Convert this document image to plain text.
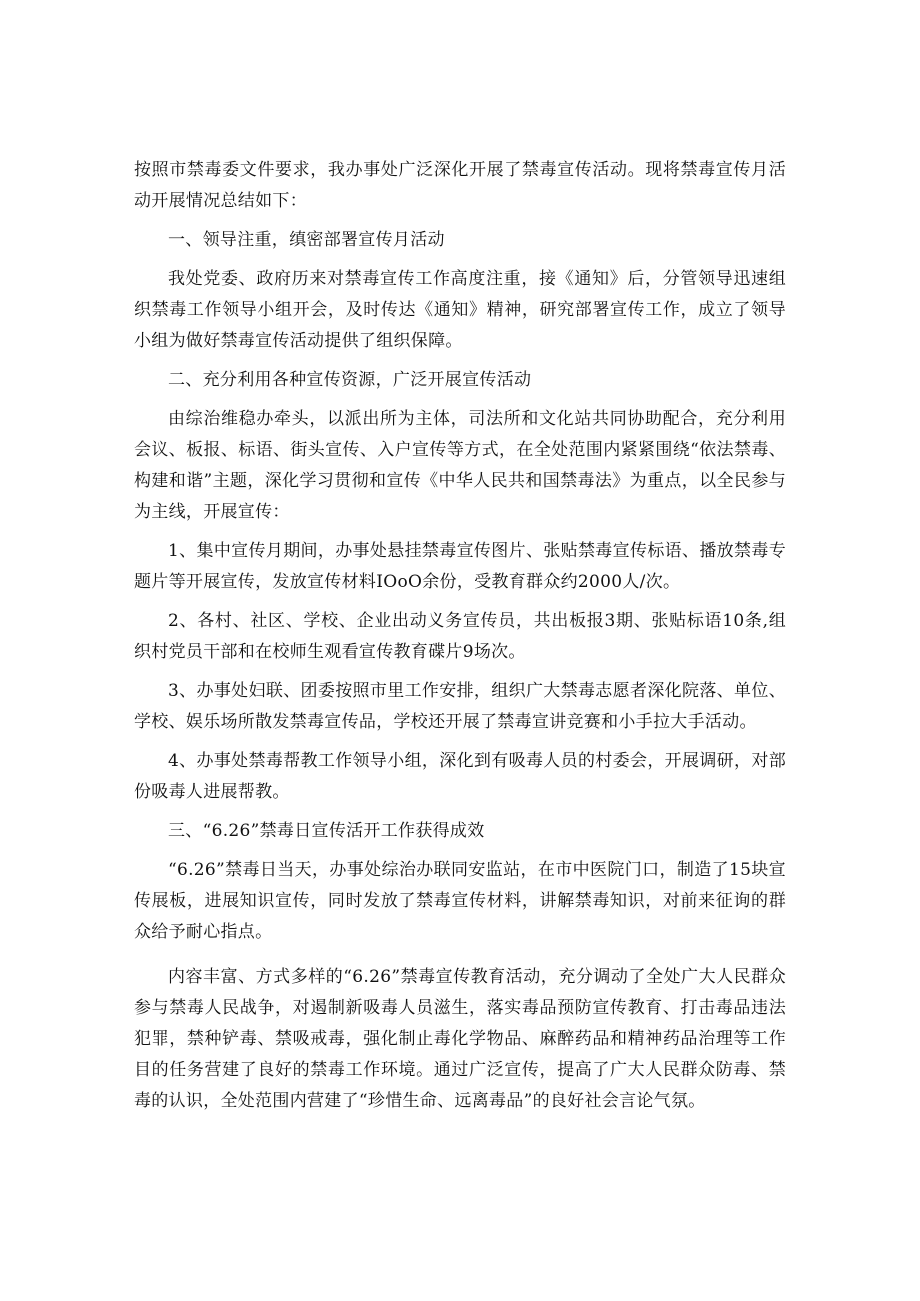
按照市禁毒委文件要求，我办事处广泛深化开展了禁毒宣传活动。现将禁毒宣传月活动开展情况总结如下：

一、领导注重，缜密部署宣传月活动

我处党委、政府历来对禁毒宣传工作高度注重，接《通知》后，分管领导迅速组织禁毒工作领导小组开会，及时传达《通知》精神，研究部署宣传工作，成立了领导小组为做好禁毒宣传活动提供了组织保障。

二、充分利用各种宣传资源，广泛开展宣传活动

由综治维稳办牵头，以派出所为主体，司法所和文化站共同协助配合，充分利用会议、板报、标语、街头宣传、入户宣传等方式，在全处范围内紧紧围绕“依法禁毒、构建和谐”主题，深化学习贯彻和宣传《中华人民共和国禁毒法》为重点，以全民参与为主线，开展宣传：

1、集中宣传月期间，办事处悬挂禁毒宣传图片、张贴禁毒宣传标语、播放禁毒专题片等开展宣传，发放宣传材料IOoO余份，受教育群众约2000人/次。

2、各村、社区、学校、企业出动义务宣传员，共出板报3期、张贴标语10条,组织村党员干部和在校师生观看宣传教育碟片9场次。

3、办事处妇联、团委按照市里工作安排，组织广大禁毒志愿者深化院落、单位、学校、娱乐场所散发禁毒宣传品，学校还开展了禁毒宣讲竞赛和小手拉大手活动。

4、办事处禁毒帮教工作领导小组，深化到有吸毒人员的村委会，开展调研，对部份吸毒人进展帮教。

三、“6.26”禁毒日宣传活开工作获得成效

“6.26”禁毒日当天，办事处综治办联同安监站，在市中医院门口，制造了15块宣传展板，进展知识宣传，同时发放了禁毒宣传材料，讲解禁毒知识，对前来征询的群众给予耐心指点。

内容丰富、方式多样的“6.26”禁毒宣传教育活动，充分调动了全处广大人民群众参与禁毒人民战争，对遏制新吸毒人员滋生，落实毒品预防宣传教育、打击毒品违法犯罪，禁种铲毒、禁吸戒毒，强化制止毒化学物品、麻醉药品和精神药品治理等工作目的任务营建了良好的禁毒工作环境。通过广泛宣传，提高了广大人民群众防毒、禁毒的认识，全处范围内营建了“珍惜生命、远离毒品”的良好社会言论气氛。
